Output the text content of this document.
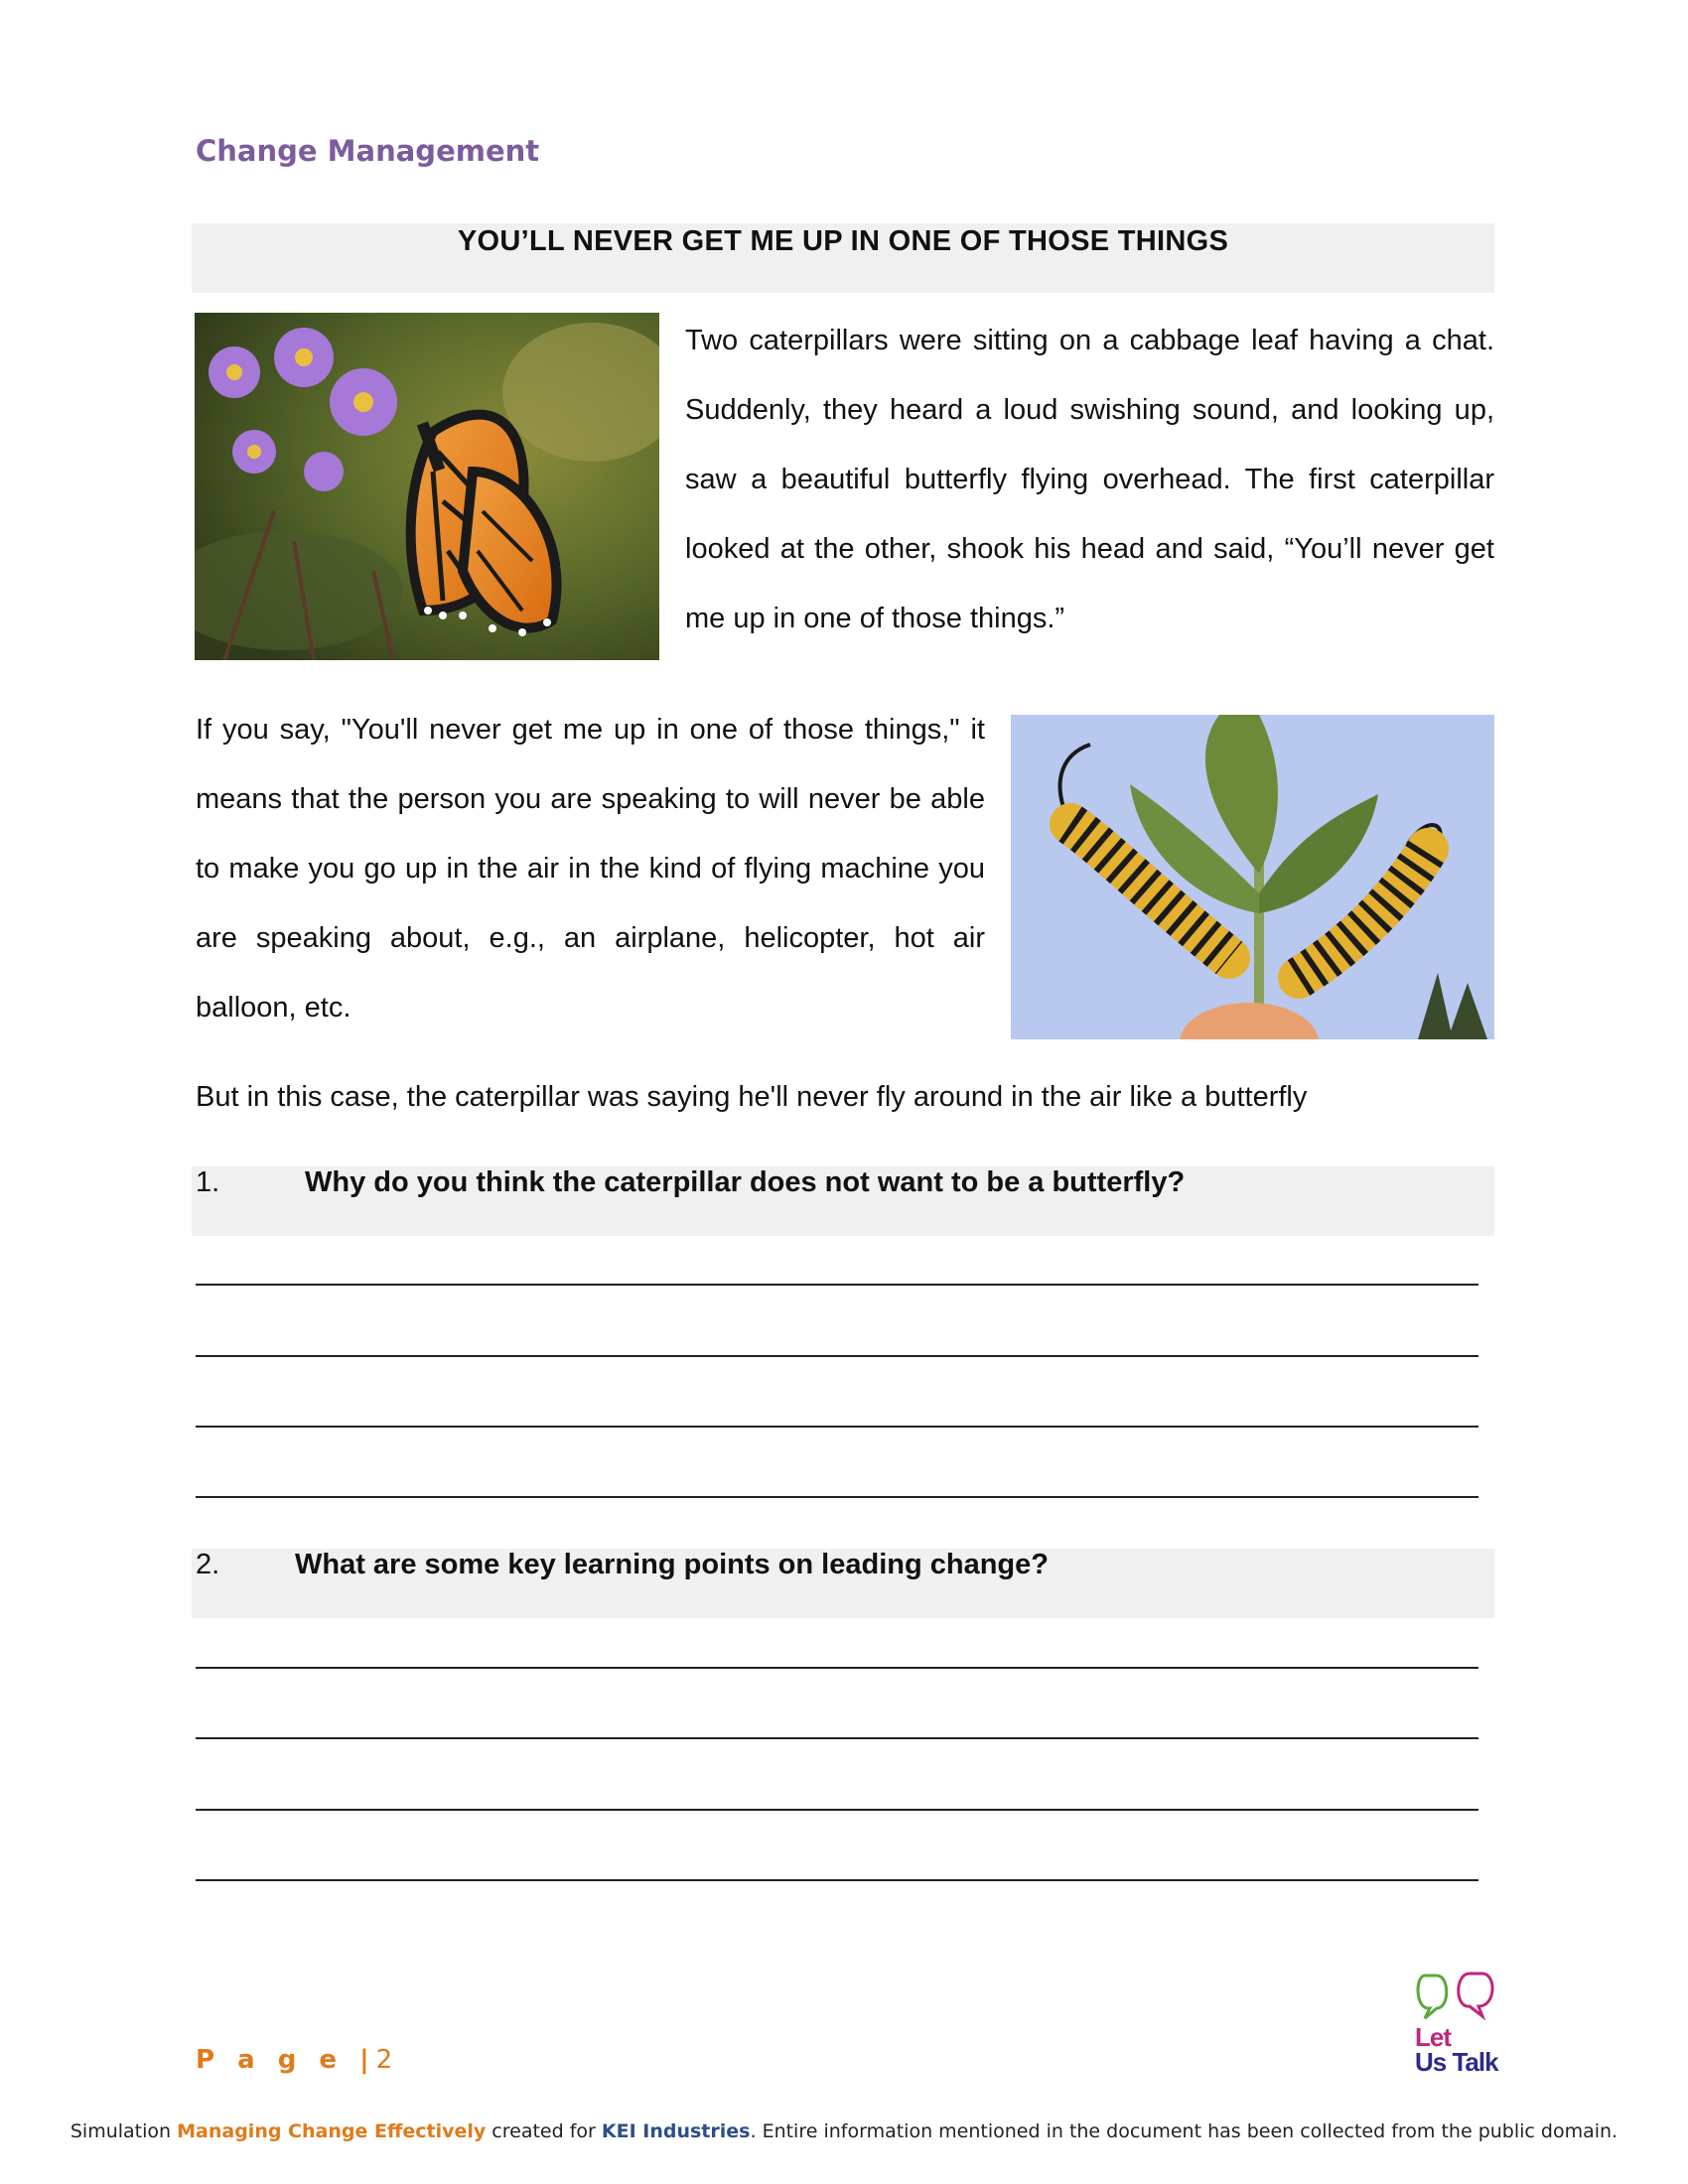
Change Management
YOU’LL NEVER GET ME UP IN ONE OF THOSE THINGS
Two caterpillars were sitting on a cabbage leaf having a chat. Suddenly, they heard a loud swishing sound, and looking up, saw a beautiful butterfly flying overhead. The first caterpillar looked at the other, shook his head and said, “You’ll never get me up in one of those things.”
If you say, "You'll never get me up in one of those things," it means that the person you are speaking to will never be able to make you go up in the air in the kind of flying machine you are speaking about, e.g., an airplane, helicopter, hot air balloon, etc.
But in this case, the caterpillar was saying he'll never fly around in the air like a butterfly
1.	Why do you think the caterpillar does not want to be a butterfly?
2.	What are some key learning points on leading change?
Let
Us Talk
P a g e |2
Simulation Managing Change Effectively created for KEI Industries. Entire information mentioned in the document has been collected from the public domain.
